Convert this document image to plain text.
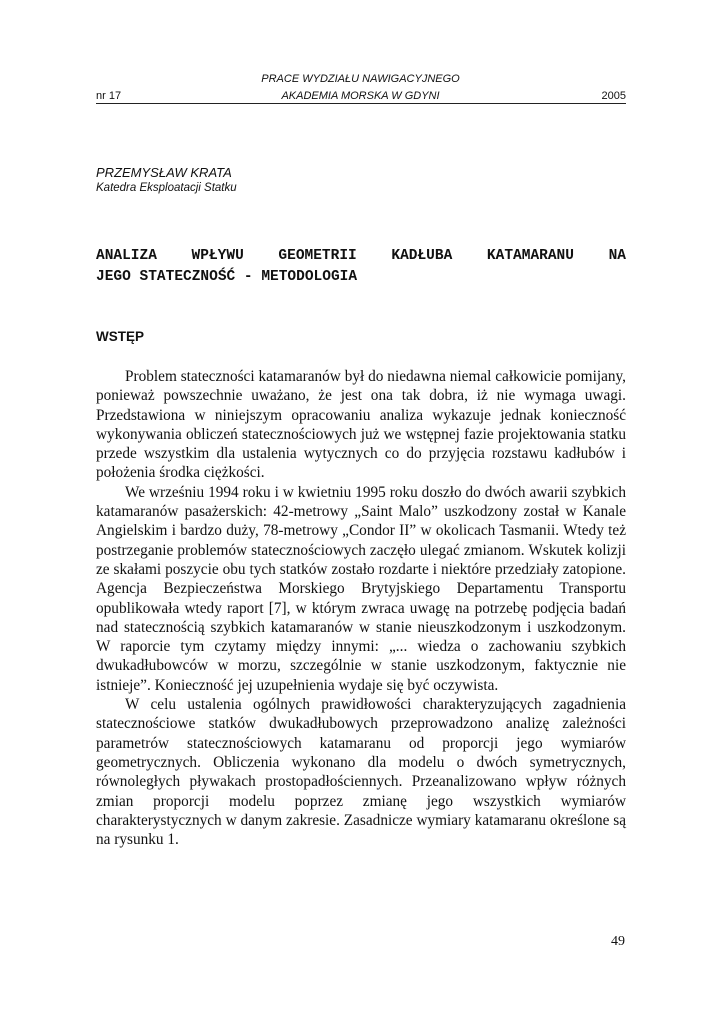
PRACE WYDZIAŁU NAWIGACYJNEGO
nr 17	AKADEMIA MORSKA W GDYNI	2005
PRZEMYSŁAW KRATA
Katedra Eksploatacji Statku
ANALIZA WPŁYWU GEOMETRII KADŁUBA KATAMARANU NA
JEGO STATECZNOŚĆ - METODOLOGIA
WSTĘP

Problem stateczności katamaranów był do niedawna niemal całkowicie pomijany, ponieważ powszechnie uważano, że jest ona tak dobra, iż nie wymaga uwagi. Przedstawiona w niniejszym opracowaniu analiza wykazuje jednak konieczność wykonywania obliczeń statecznościowych już we wstępnej fazie projektowania statku przede wszystkim dla ustalenia wytycznych co do przyjęcia rozstawu kadłubów i położenia środka ciężkości.

We wrześniu 1994 roku i w kwietniu 1995 roku doszło do dwóch awarii szybkich katamaranów pasażerskich: 42-metrowy „Saint Malo” uszkodzony został w Kanale Angielskim i bardzo duży, 78-metrowy „Condor II” w okolicach Tasmanii. Wtedy też postrzeganie problemów statecznościowych zaczęło ulegać zmianom. Wskutek kolizji ze skałami poszycie obu tych statków zostało rozdarte i niektóre przedziały zatopione. Agencja Bezpieczeństwa Morskiego Brytyjskiego Departamentu Transportu opublikowała wtedy raport [7], w którym zwraca uwagę na potrzebę podjęcia badań nad statecznością szybkich katamaranów w stanie nieuszkodzonym i uszkodzonym. W raporcie tym czytamy między innymi: „... wiedza o zachowaniu szybkich dwukadłubowców w morzu, szczególnie w stanie uszkodzonym, faktycznie nie istnieje”. Konieczność jej uzupełnienia wydaje się być oczywista.

W celu ustalenia ogólnych prawidłowości charakteryzujących zagadnienia statecznościowe statków dwukadłubowych przeprowadzono analizę zależności parametrów statecznościowych katamaranu od proporcji jego wymiarów geometrycznych. Obliczenia wykonano dla modelu o dwóch symetrycznych, równoległych pływakach prostopadłościennych. Przeanalizowano wpływ różnych zmian proporcji modelu poprzez zmianę jego wszystkich wymiarów charakterystycznych w danym zakresie. Zasadnicze wymiary katamaranu określone są na rysunku 1.

49
